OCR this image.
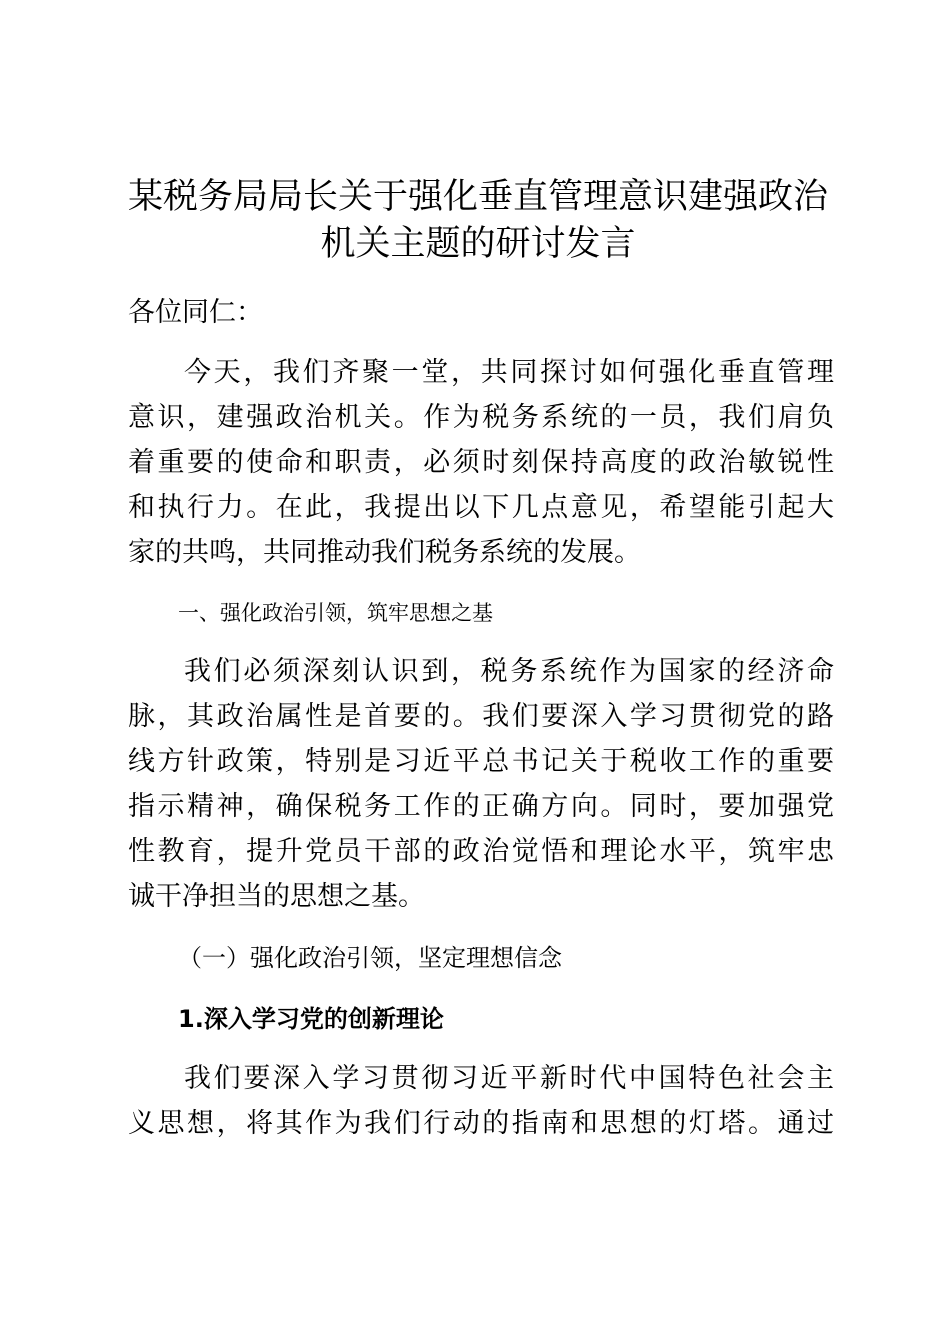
某税务局局长关于强化垂直管理意识建强政治
机关主题的研讨发言
各位同仁：
今天，我们齐聚一堂，共同探讨如何强化垂直管理
意识，建强政治机关。作为税务系统的一员，我们肩负
着重要的使命和职责，必须时刻保持高度的政治敏锐性
和执行力。在此，我提出以下几点意见，希望能引起大
家的共鸣，共同推动我们税务系统的发展。
一、强化政治引领，筑牢思想之基
我们必须深刻认识到，税务系统作为国家的经济命
脉，其政治属性是首要的。我们要深入学习贯彻党的路
线方针政策，特别是习近平总书记关于税收工作的重要
指示精神，确保税务工作的正确方向。同时，要加强党
性教育，提升党员干部的政治觉悟和理论水平，筑牢忠
诚干净担当的思想之基。
（一）强化政治引领，坚定理想信念
1.深入学习党的创新理论
我们要深入学习贯彻习近平新时代中国特色社会主
义思想，将其作为我们行动的指南和思想的灯塔。通过
